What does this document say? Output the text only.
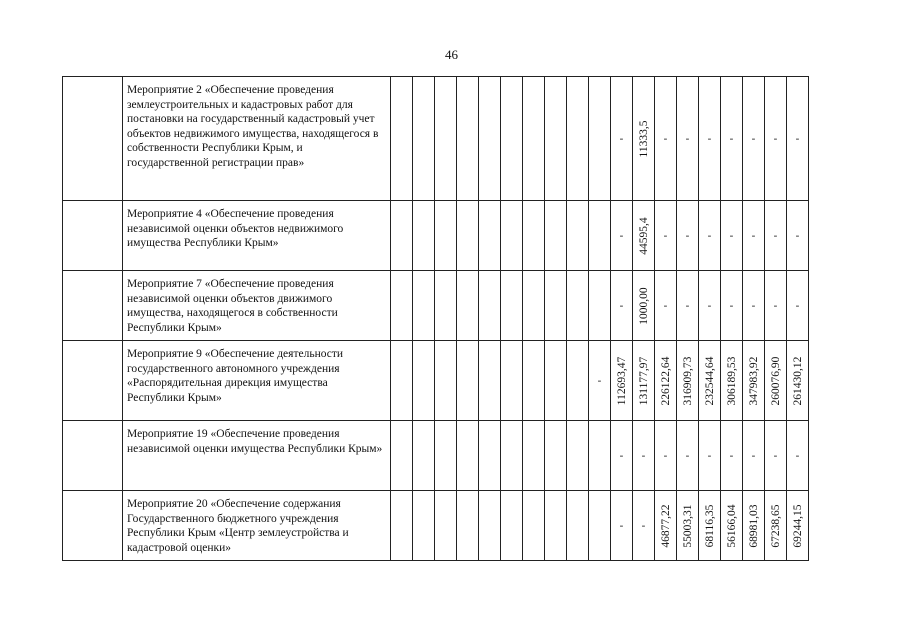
46
	Мероприятие 2 «Обеспечение проведения землеустроительных и кадастровых работ для постановки на государственный кадастровый учет объектов недвижимого имущества, находящегося в собственности Республики Крым, и государственной регистрации прав»											-	11333,5	-	-	-	-	-	-	-

	Мероприятие 4 «Обеспечение проведения независимой оценки объектов недвижимого имущества Республики Крым»											-	44595,4	-	-	-	-	-	-	-

	Мероприятие 7 «Обеспечение проведения независимой оценки объектов движимого имущества, находящегося в собственности Республики Крым»											-	1000,00	-	-	-	-	-	-	-

	Мероприятие 9 «Обеспечение деятельности государственного автономного учреждения «Распорядительная дирекция имущества Республики Крым»										-	112693,47	131177,97	226122,64	316909,73	232544,64	306189,53	347983,92	260076,90	261430,12

	Мероприятие 19 «Обеспечение проведения независимой оценки имущества Республики Крым»											-	-	-	-	-	-	-	-	-

	Мероприятие 20 «Обеспечение содержания Государственного бюджетного учреждения Республики Крым «Центр землеустройства и кадастровой оценки»											-	-	46877,22	55003,31	68116,35	56166,04	68981,03	67238,65	69244,15
